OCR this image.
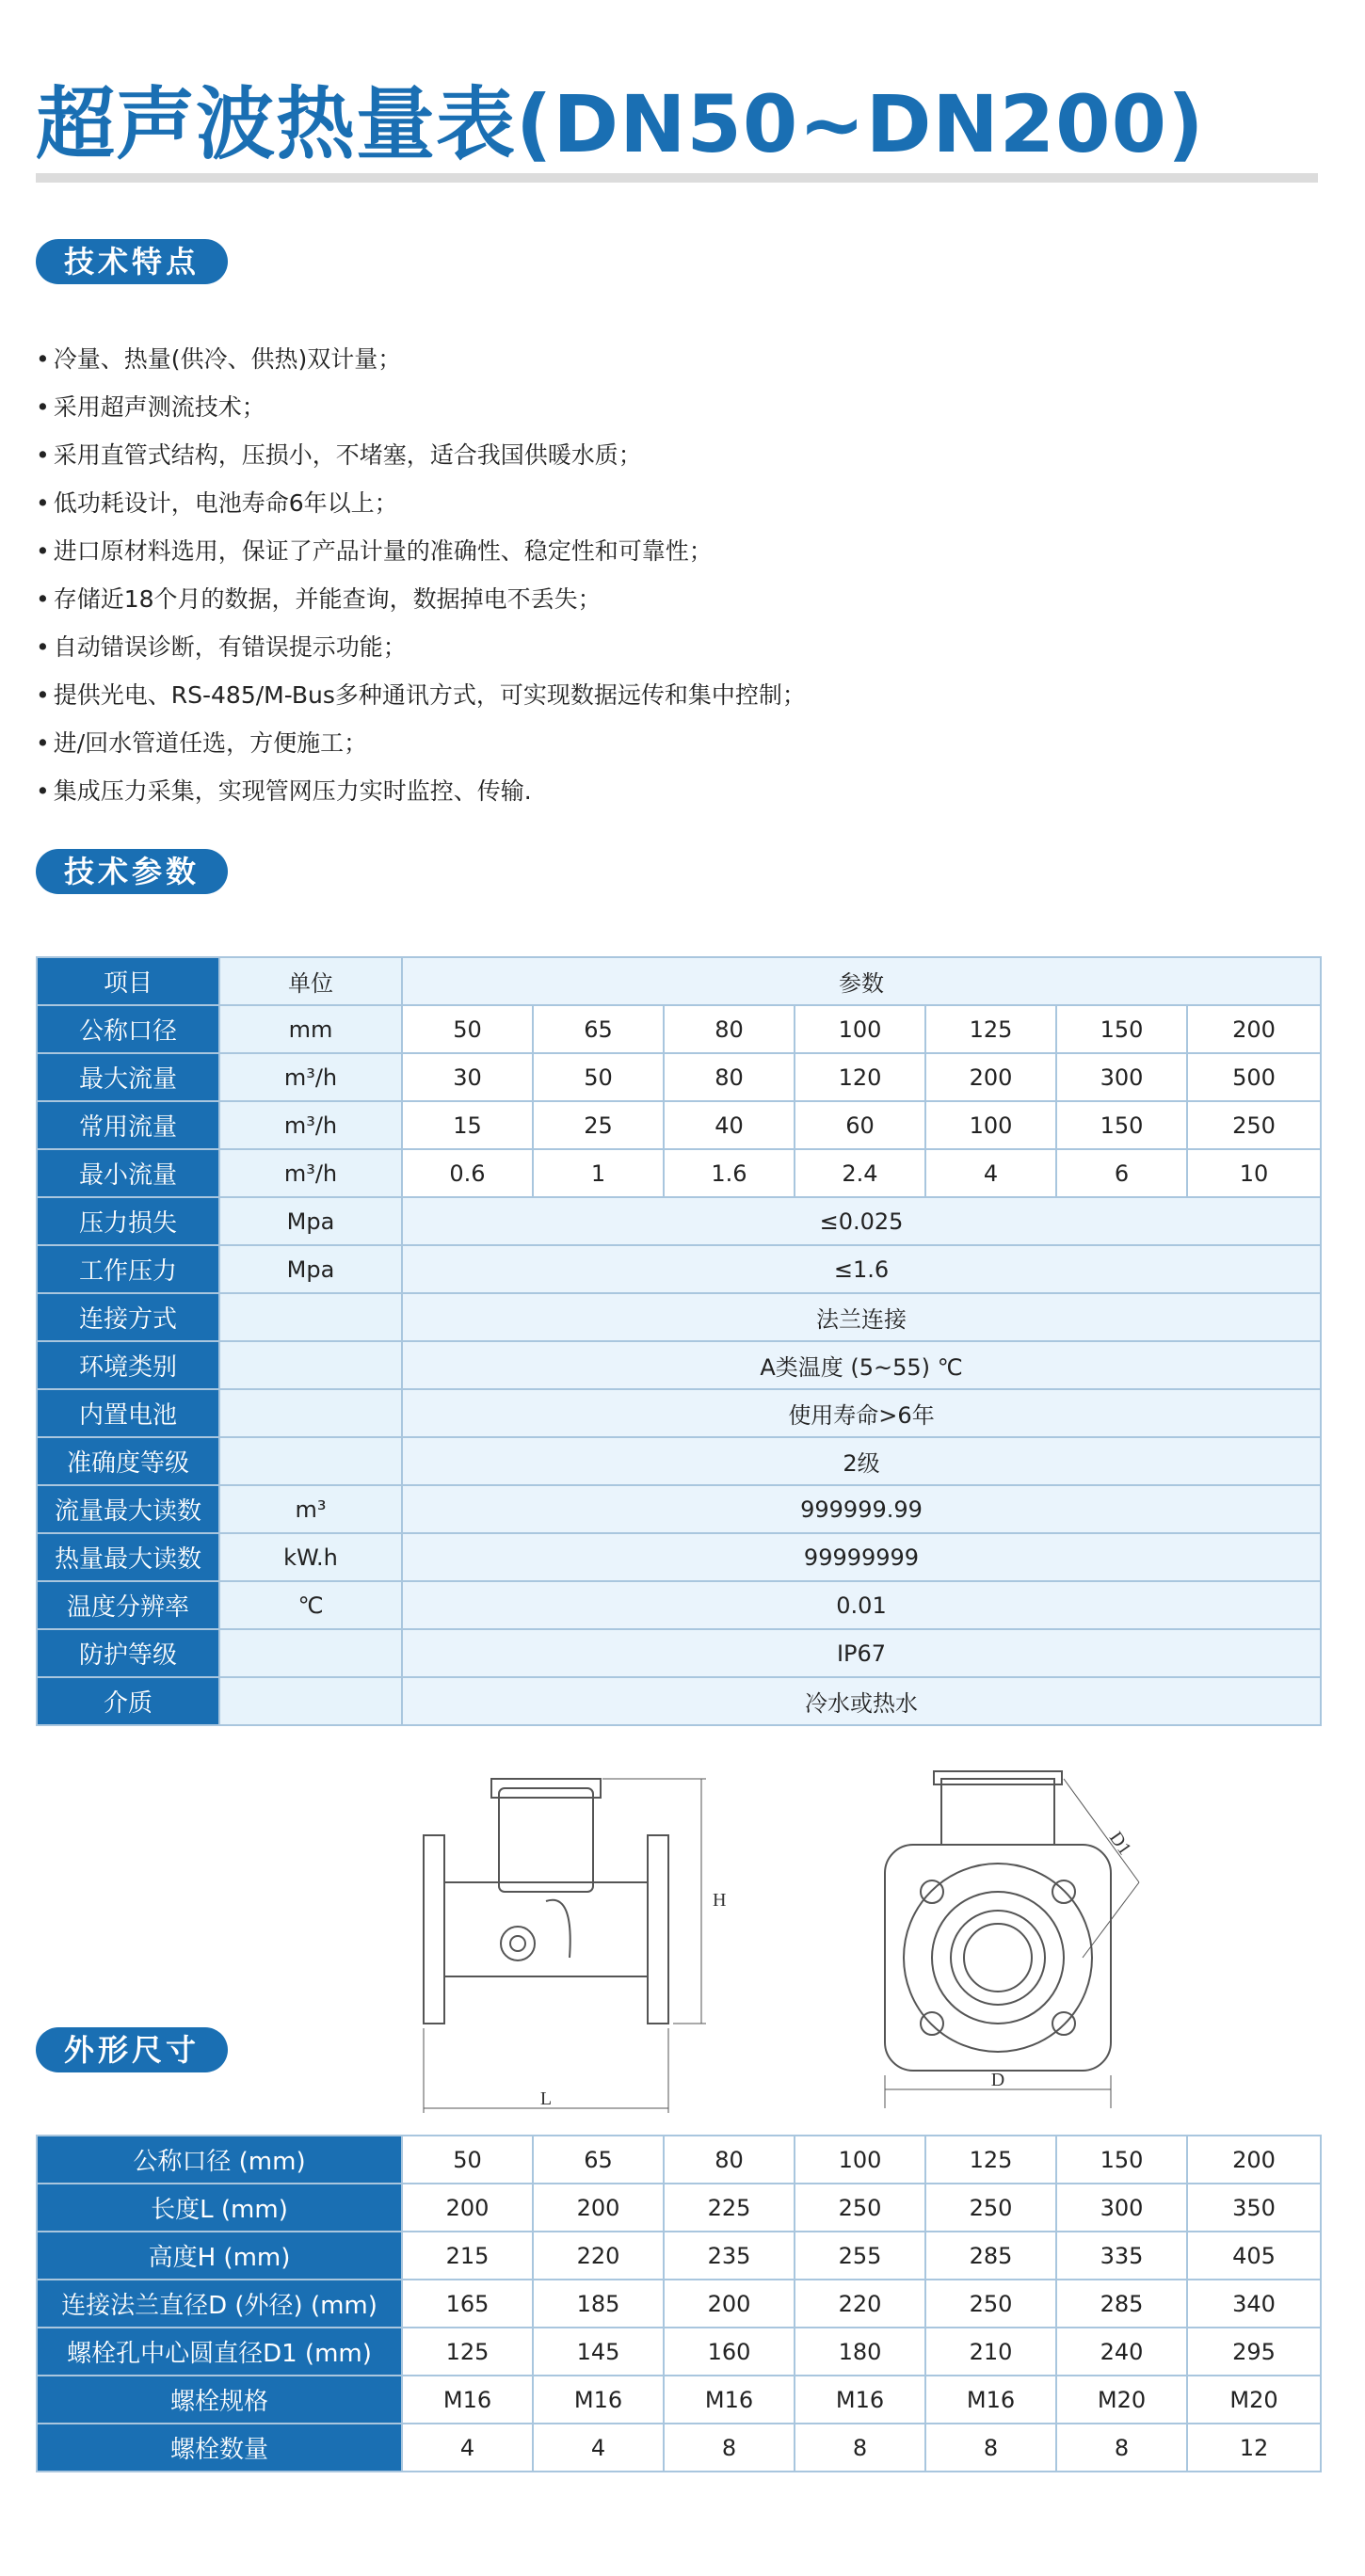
超声波热量表(DN50~DN200)
技术特点
• 冷量、热量(供冷、供热)双计量；
• 采用超声测流技术；
• 采用直管式结构，压损小，不堵塞，适合我国供暖水质；
• 低功耗设计，电池寿命6年以上；
• 进口原材料选用，保证了产品计量的准确性、稳定性和可靠性；
• 存储近18个月的数据，并能查询，数据掉电不丢失；
• 自动错误诊断，有错误提示功能；
• 提供光电、RS-485/M-Bus多种通讯方式，可实现数据远传和集中控制；
• 进/回水管道任选，方便施工；
• 集成压力采集，实现管网压力实时监控、传输.
技术参数
项目	单位	参数						
公称口径	mm	50	65	80	100	125	150	200
最大流量	m³/h	30	50	80	120	200	300	500
常用流量	m³/h	15	25	40	60	100	150	250
最小流量	m³/h	0.6	1	1.6	2.4	4	6	10
压力损失	Mpa	≤0.025						
工作压力	Mpa	≤1.6						
连接方式		法兰连接						
环境类别		A类温度 (5~55) ℃						
内置电池		使用寿命>6年						
准确度等级		2级						
流量最大读数	m³	999999.99						
热量最大读数	kW.h	99999999						
温度分辨率	℃	0.01						
防护等级		IP67						
介质		冷水或热水						
L
H
D
D1
外形尺寸
公称口径 (mm)	50	65	80	100	125	150	200
长度L (mm)	200	200	225	250	250	300	350
高度H (mm)	215	220	235	255	285	335	405
连接法兰直径D (外径) (mm)	165	185	200	220	250	285	340
螺栓孔中心圆直径D1 (mm)	125	145	160	180	210	240	295
螺栓规格	M16	M16	M16	M16	M16	M20	M20
螺栓数量	4	4	8	8	8	8	12
